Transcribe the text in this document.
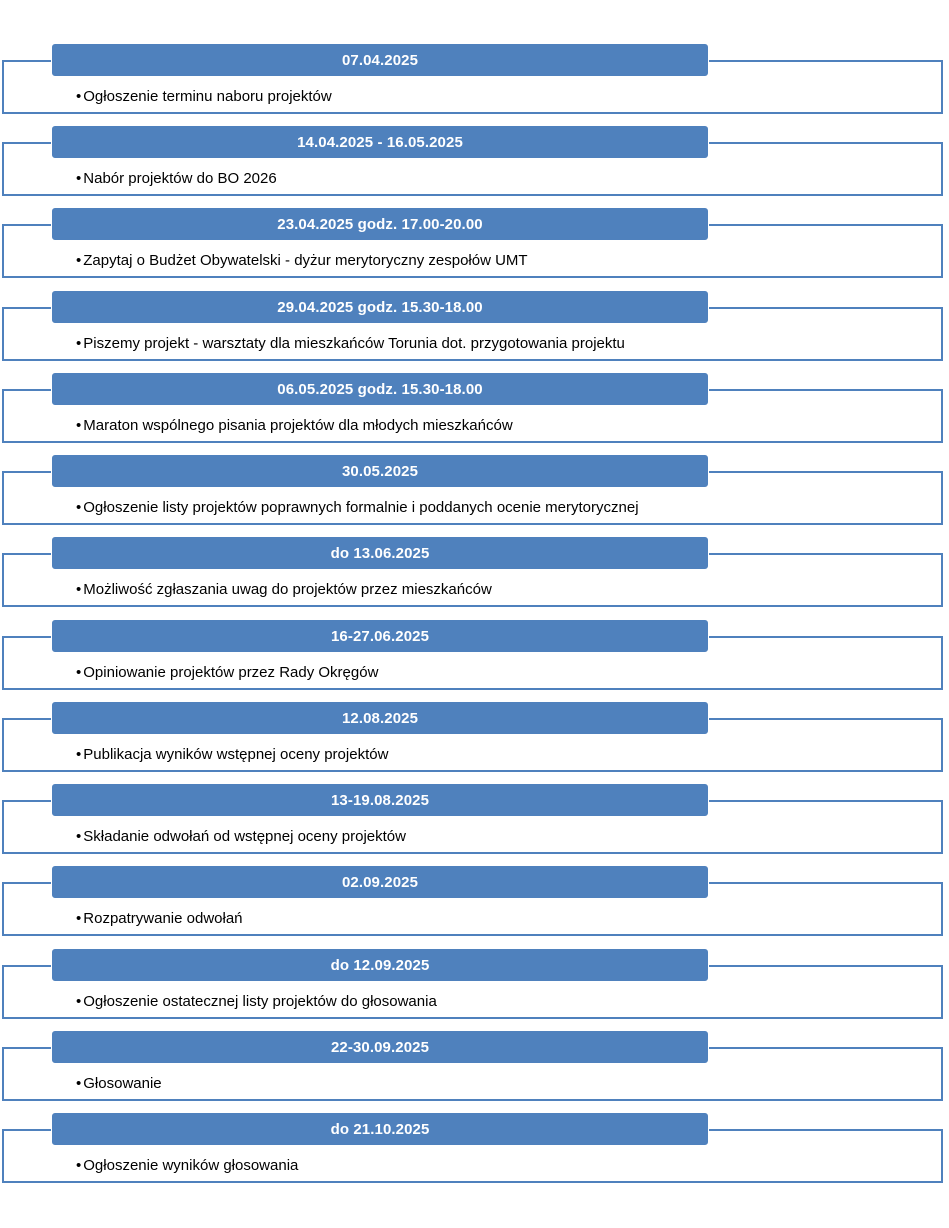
07.04.2025
• Ogłoszenie terminu naboru projektów
14.04.2025 - 16.05.2025
• Nabór projektów do BO 2026
23.04.2025 godz. 17.00-20.00
• Zapytaj o Budżet Obywatelski - dyżur merytoryczny zespołów UMT
29.04.2025 godz. 15.30-18.00
• Piszemy projekt - warsztaty dla mieszkańców Torunia dot. przygotowania projektu
06.05.2025 godz. 15.30-18.00
• Maraton wspólnego pisania projektów dla młodych mieszkańców
30.05.2025
• Ogłoszenie listy projektów poprawnych formalnie i poddanych ocenie merytorycznej
do 13.06.2025
• Możliwość zgłaszania uwag do projektów przez mieszkańców
16-27.06.2025
• Opiniowanie projektów przez Rady Okręgów
12.08.2025
• Publikacja wyników wstępnej oceny projektów
13-19.08.2025
• Składanie odwołań od wstępnej oceny projektów
02.09.2025
• Rozpatrywanie odwołań
do 12.09.2025
• Ogłoszenie ostatecznej listy projektów do głosowania
22-30.09.2025
• Głosowanie
do 21.10.2025
• Ogłoszenie wyników głosowania
